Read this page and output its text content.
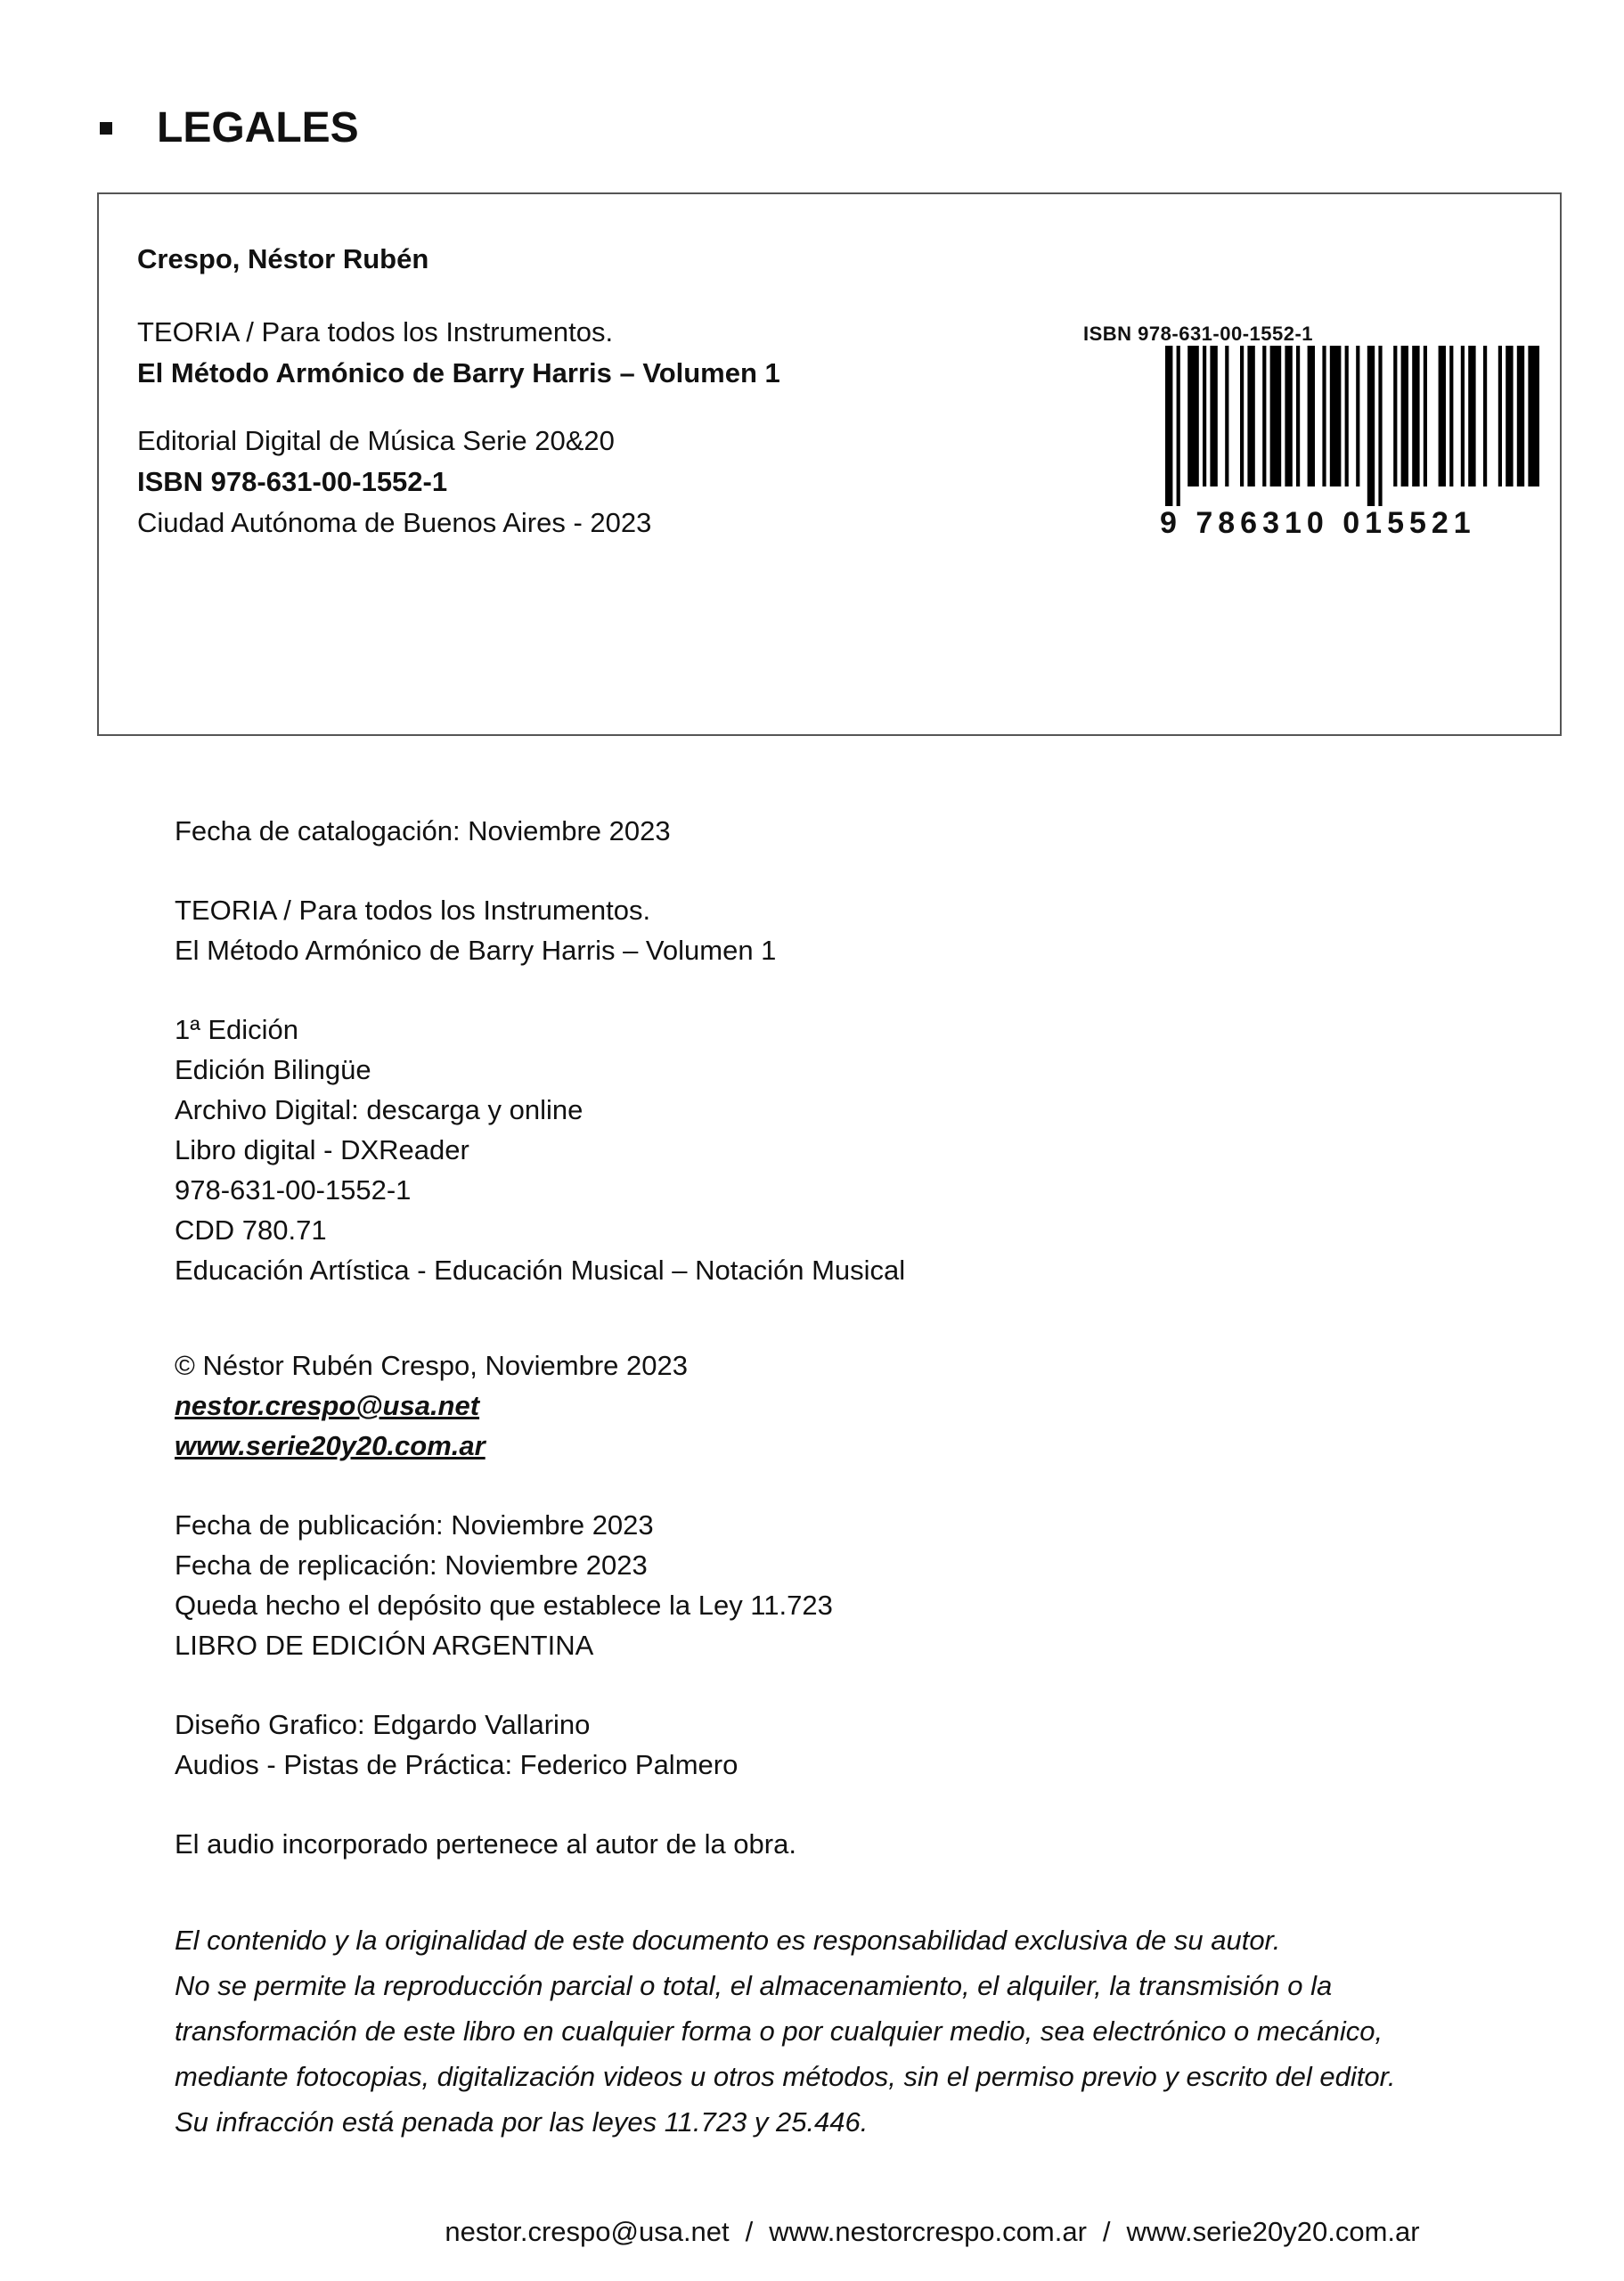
LEGALES
Crespo, Néstor Rubén
TEORIA / Para todos los Instrumentos.
El Método Armónico de Barry Harris – Volumen 1
Editorial Digital de Música Serie 20&20
ISBN 978-631-00-1552-1
Ciudad Autónoma de Buenos Aires - 2023
ISBN 978-631-00-1552-1
9 786310 015521
Fecha de catalogación: Noviembre 2023
TEORIA / Para todos los Instrumentos.
El Método Armónico de Barry Harris – Volumen 1
1ª Edición
Edición Bilingüe
Archivo Digital: descarga y online
Libro digital - DXReader
978-631-00-1552-1
CDD 780.71
Educación Artística - Educación Musical – Notación Musical
© Néstor Rubén Crespo, Noviembre 2023
nestor.crespo@usa.net
www.serie20y20.com.ar
Fecha de publicación: Noviembre 2023
Fecha de replicación: Noviembre 2023
Queda hecho el depósito que establece la Ley 11.723
LIBRO DE EDICIÓN ARGENTINA
Diseño Grafico: Edgardo Vallarino
Audios - Pistas de Práctica: Federico Palmero
El audio incorporado pertenece al autor de la obra.
El contenido y la originalidad de este documento es responsabilidad exclusiva de su autor.
No se permite la reproducción parcial o total, el almacenamiento, el alquiler, la transmisión o la
transformación de este libro en cualquier forma o por cualquier medio, sea electrónico o mecánico,
mediante fotocopias, digitalización videos u otros métodos, sin el permiso previo y escrito del editor.
Su infracción está penada por las leyes 11.723 y 25.446.
nestor.crespo@usa.net / www.nestorcrespo.com.ar / www.serie20y20.com.ar
